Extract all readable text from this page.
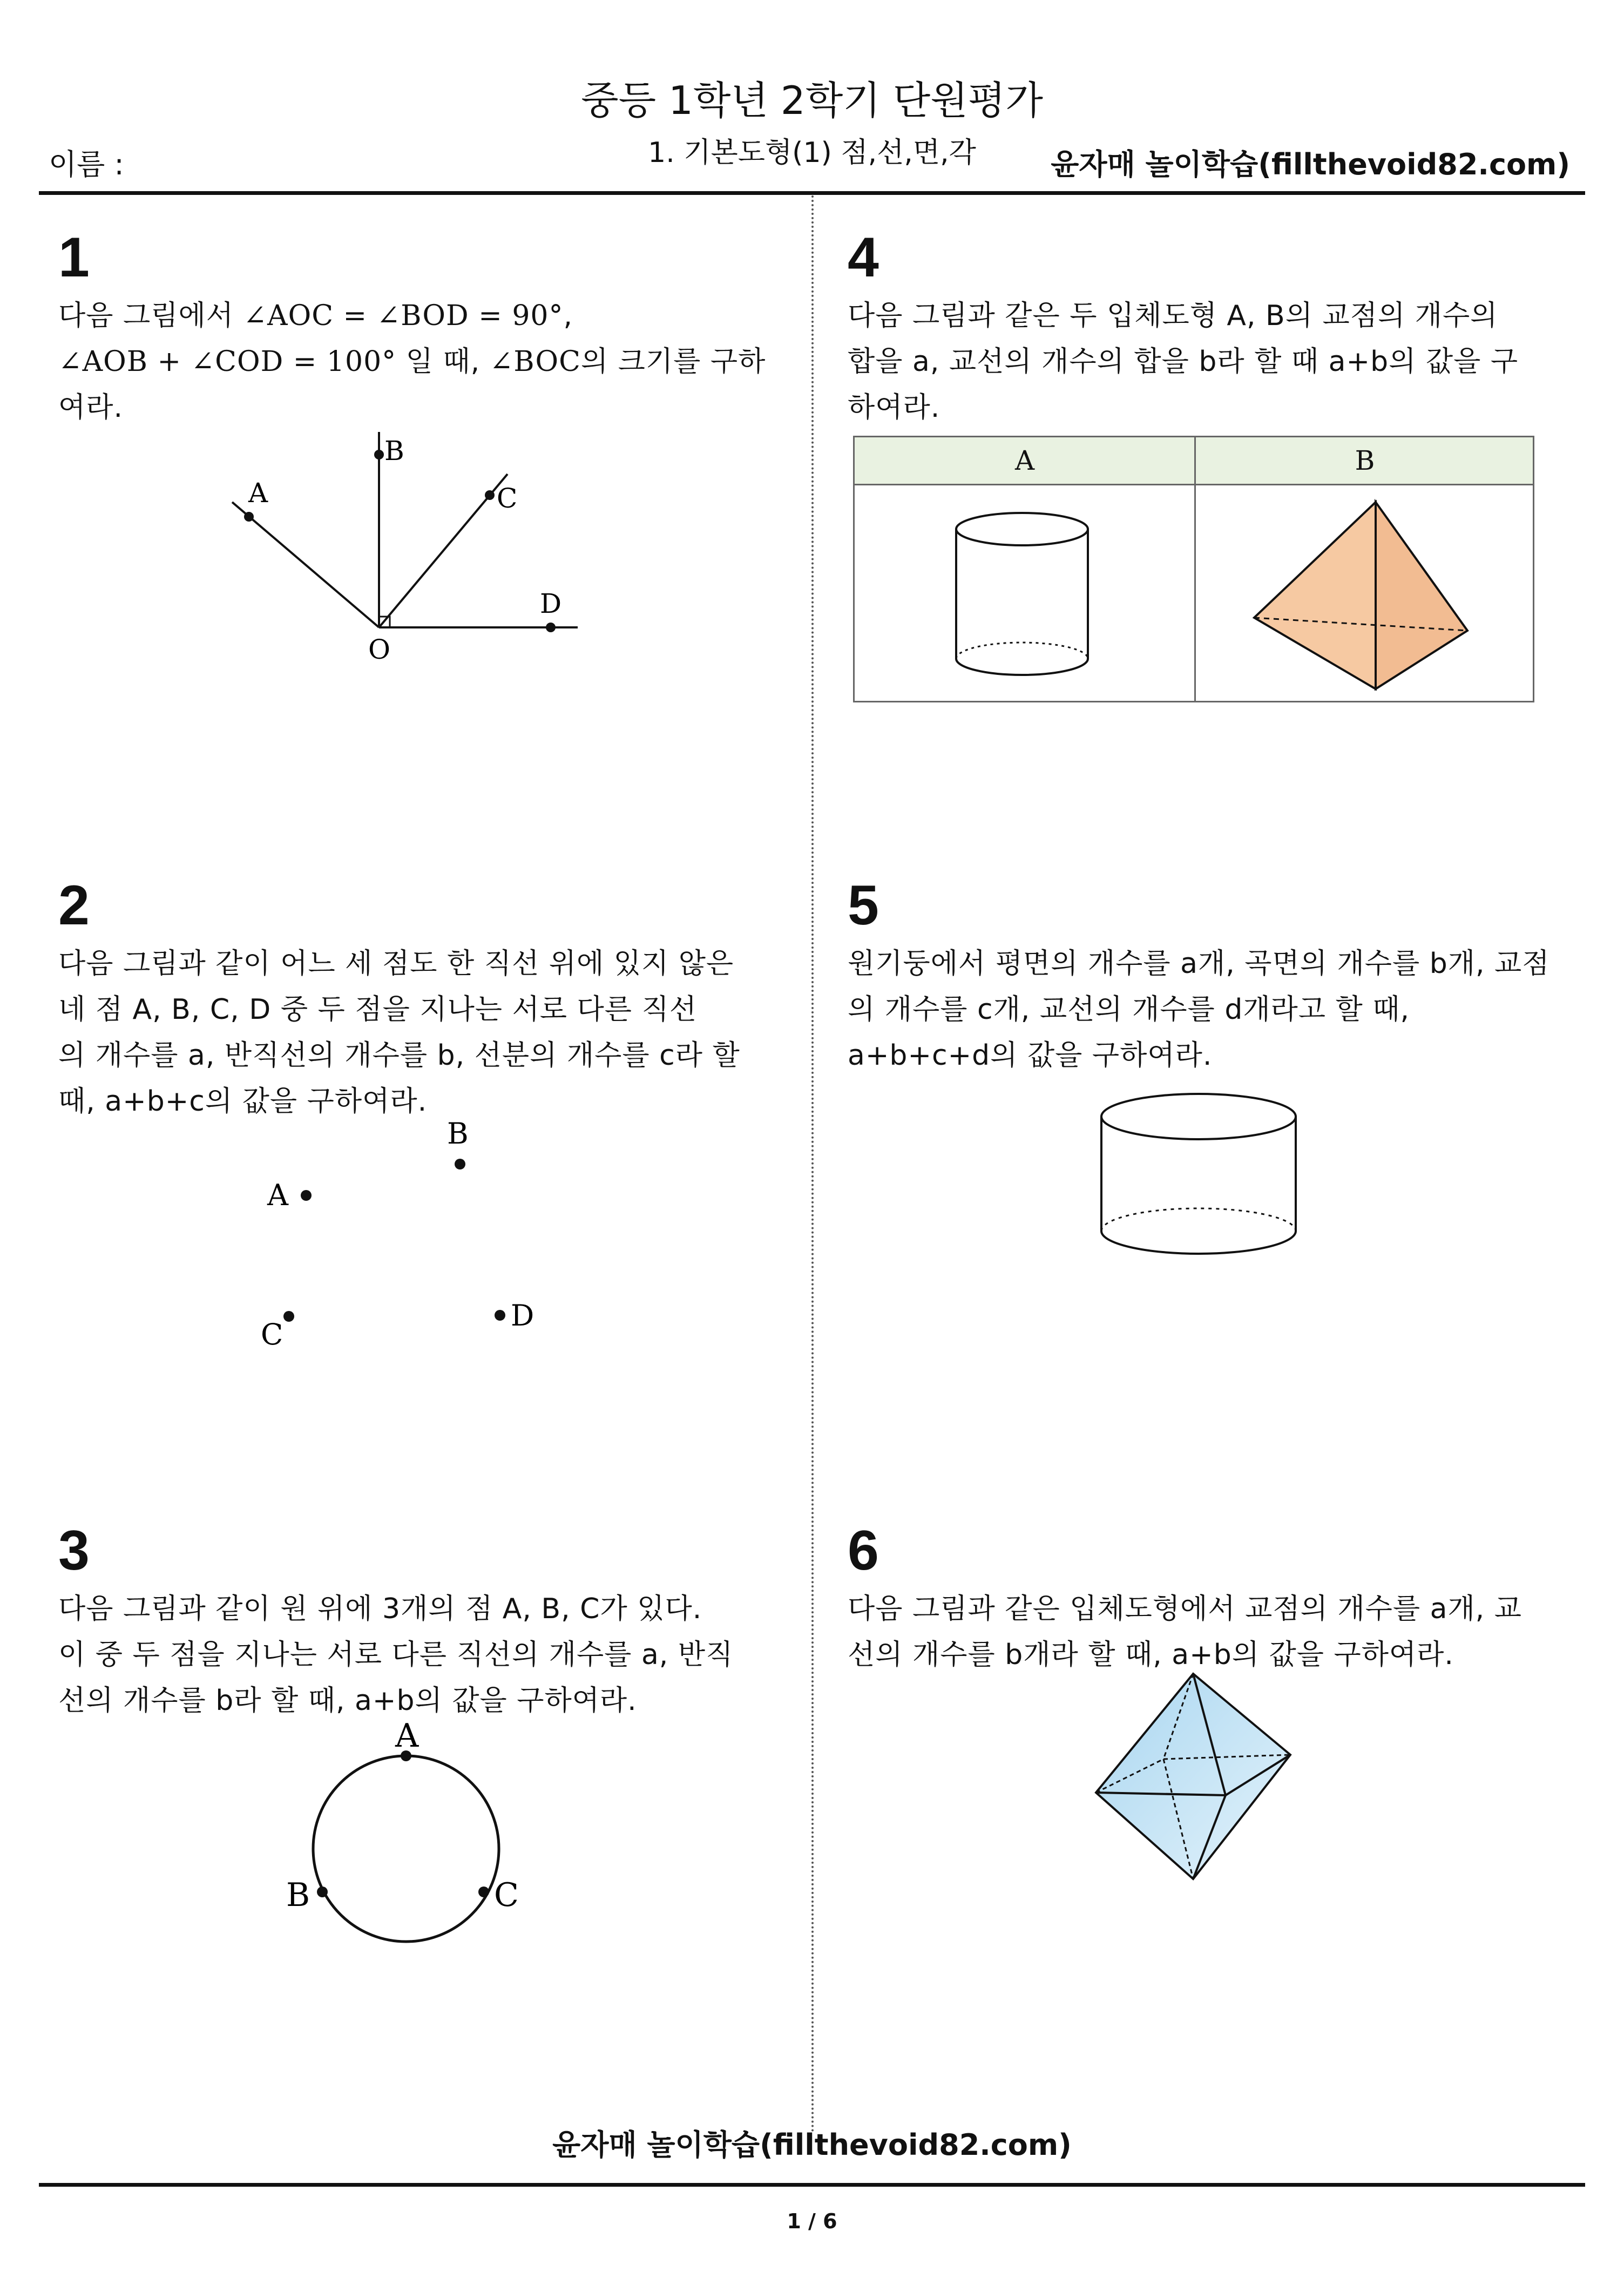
중등 1학년 2학기 단원평가
1. 기본도형(1) 점,선,면,각
이름 :	윤자매 놀이학습(fillthevoid82.com)
1
다음 그림에서 ∠AOC = ∠BOD = 90°,
∠AOB + ∠COD = 100° 일 때, ∠BOC의 크기를 구하
여라.
B
A	C
D
O
2
다음 그림과 같이 어느 세 점도 한 직선 위에 있지 않은
네 점 A, B, C, D 중 두 점을 지나는 서로 다른 직선
의 개수를 a, 반직선의 개수를 b, 선분의 개수를 c라 할
때, a+b+c의 값을 구하여라.
A
B
C
D
3
다음 그림과 같이 원 위에 3개의 점 A, B, C가 있다.
이 중 두 점을 지나는 서로 다른 직선의 개수를 a, 반직
선의 개수를 b라 할 때, a+b의 값을 구하여라.
A
B	C
4
다음 그림과 같은 두 입체도형 A, B의 교점의 개수의
합을 a, 교선의 개수의 합을 b라 할 때 a+b의 값을 구
하여라.
A	B
5
원기둥에서 평면의 개수를 a개, 곡면의 개수를 b개, 교점
의 개수를 c개, 교선의 개수를 d개라고 할 때,
a+b+c+d의 값을 구하여라.
6
다음 그림과 같은 입체도형에서 교점의 개수를 a개, 교
선의 개수를 b개라 할 때, a+b의 값을 구하여라.
윤자매 놀이학습(fillthevoid82.com)
1 / 6
